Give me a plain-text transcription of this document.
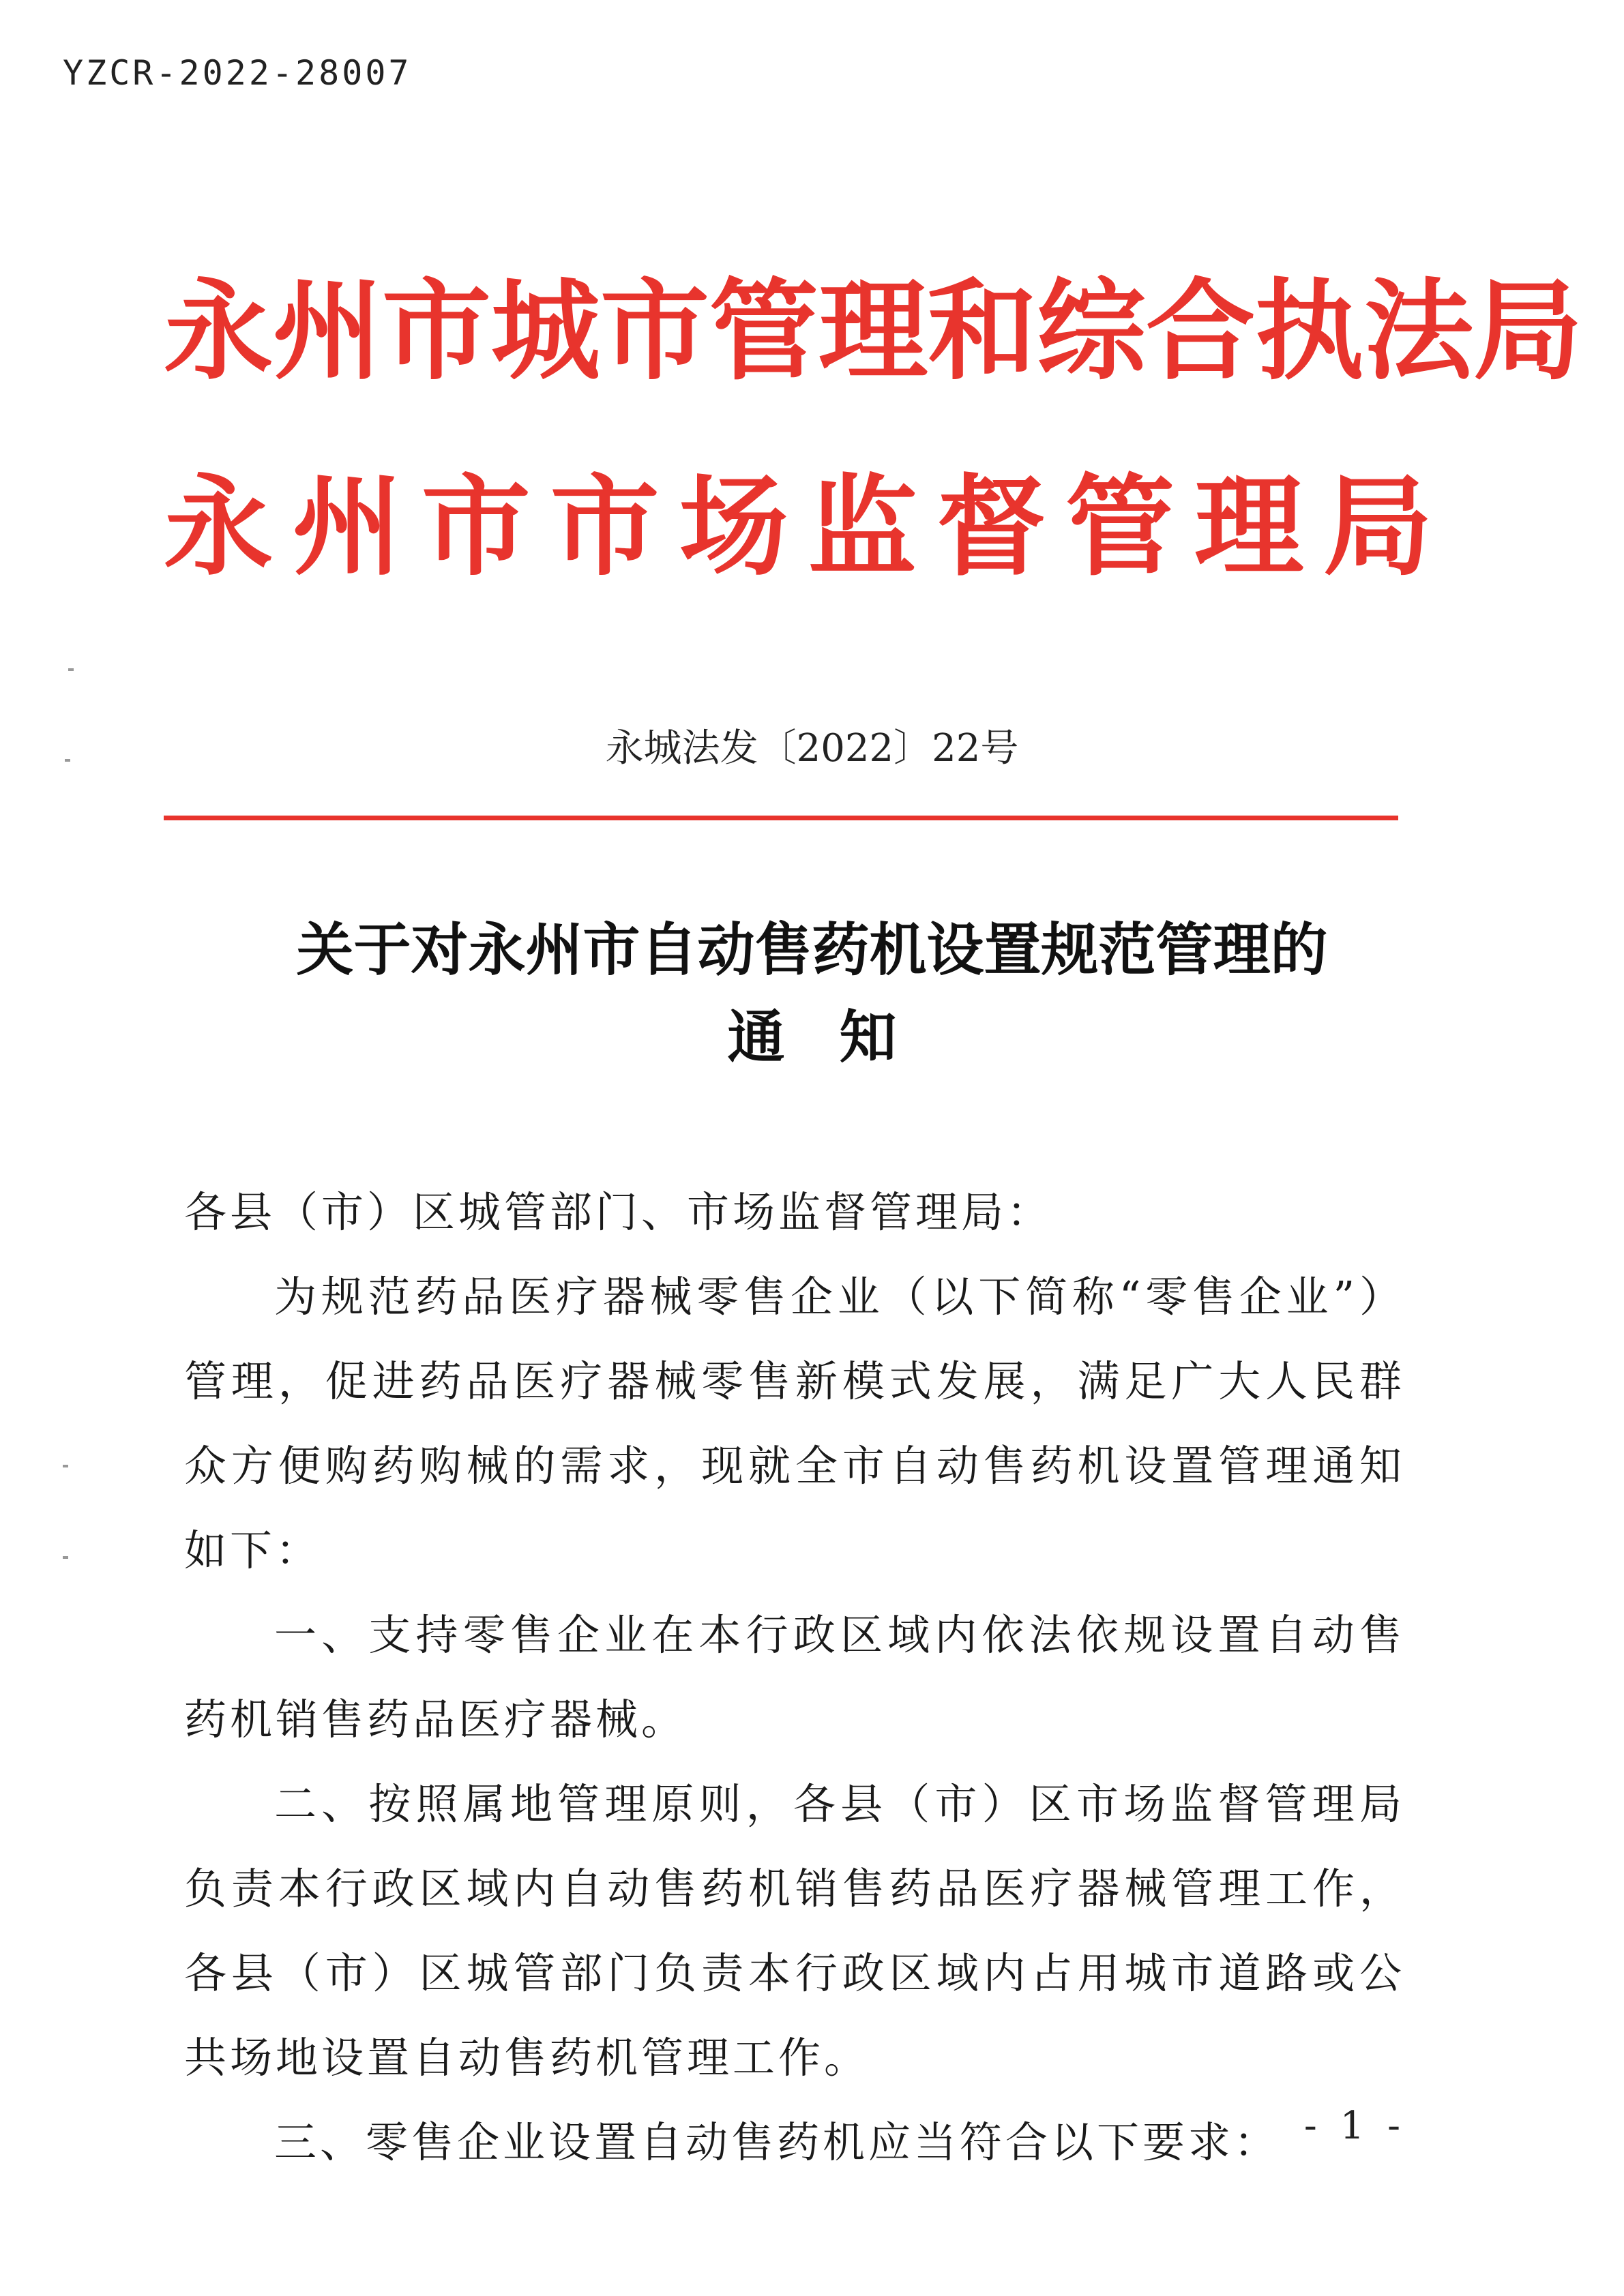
YZCR-2022-28007
永州市城市管理和综合执法局
永州市市场监督管理局
永城法发〔2022〕22号
关于对永州市自动售药机设置规范管理的
通知

各县（市）区城管部门、市场监督管理局：

为规范药品医疗器械零售企业（以下简称“零售企业”）管理，促进药品医疗器械零售新模式发展，满足广大人民群众方便购药购械的需求，现就全市自动售药机设置管理通知如下：

一、支持零售企业在本行政区域内依法依规设置自动售药机销售药品医疗器械。

二、按照属地管理原则，各县（市）区市场监督管理局负责本行政区域内自动售药机销售药品医疗器械管理工作，各县（市）区城管部门负责本行政区域内占用城市道路或公共场地设置自动售药机管理工作。

三、零售企业设置自动售药机应当符合以下要求： - 1 -
